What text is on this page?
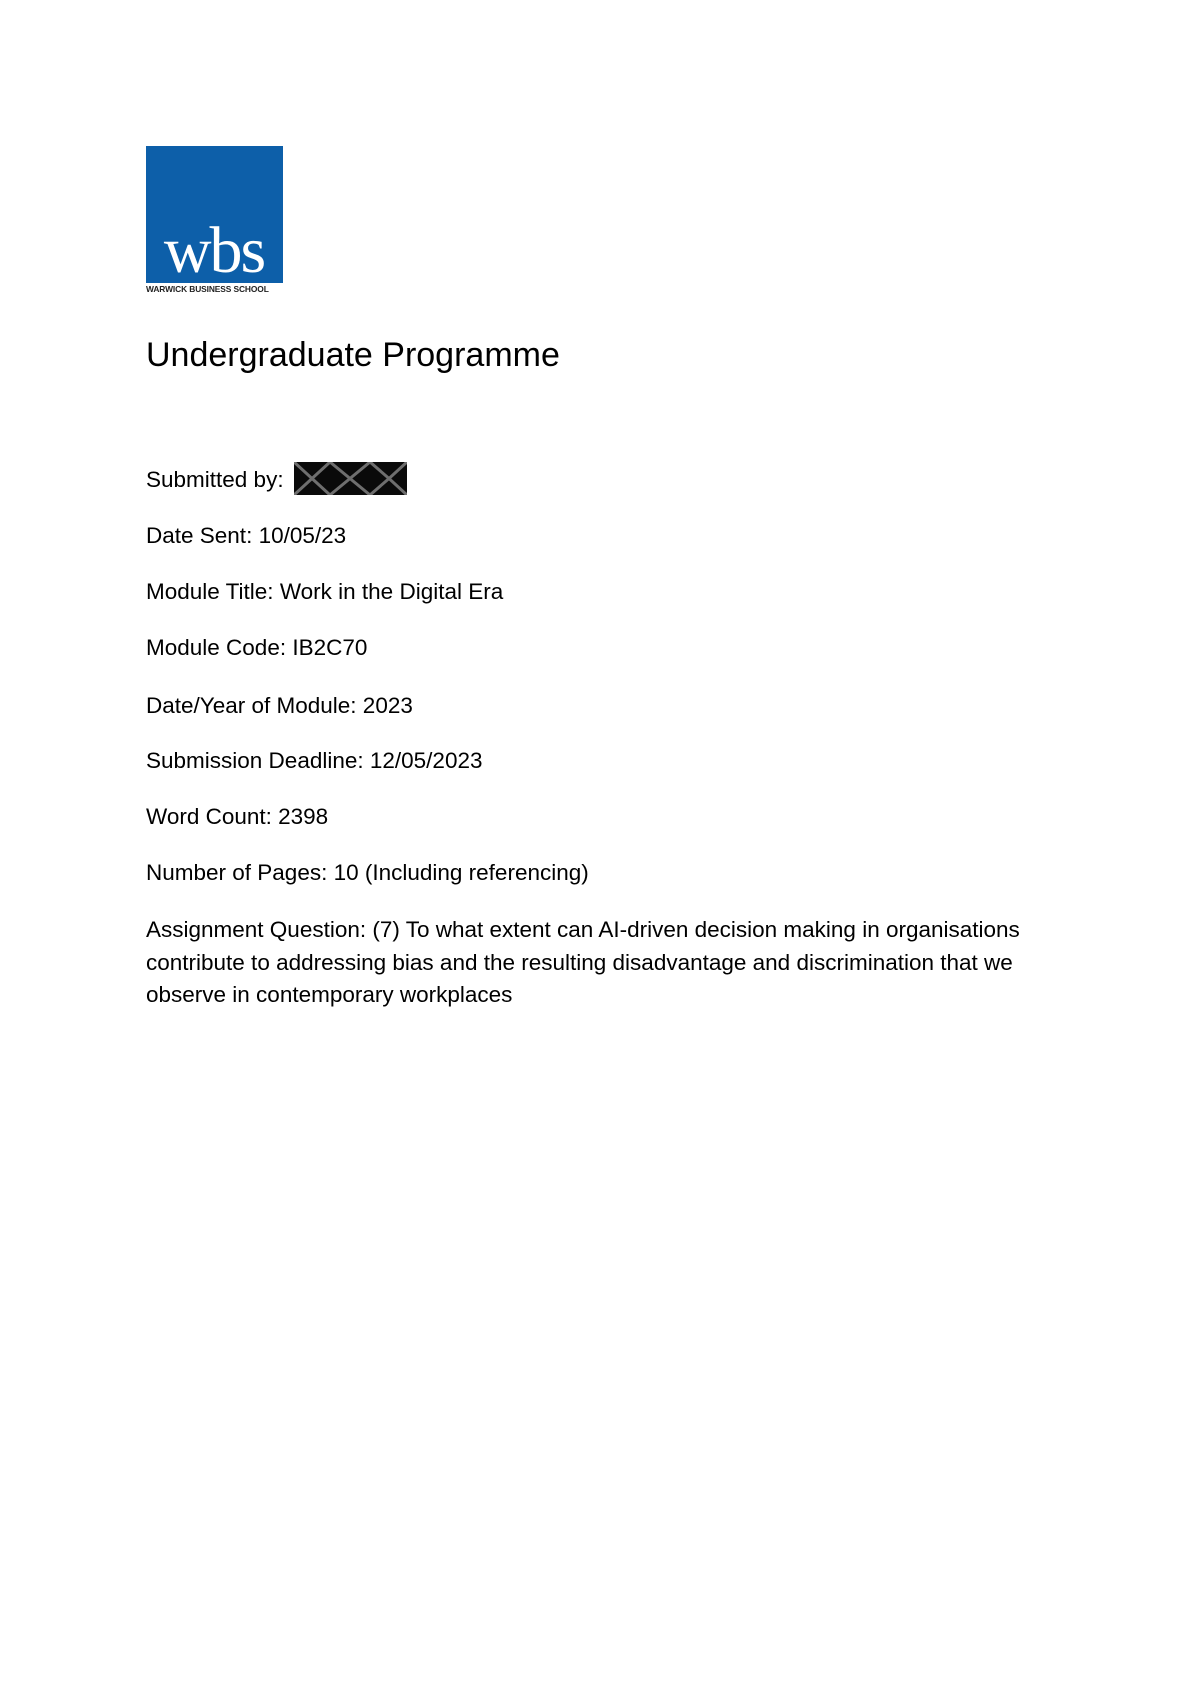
wbs
WARWICK BUSINESS SCHOOL
Undergraduate Programme

Submitted by:

Date Sent: 10/05/23

Module Title: Work in the Digital Era

Module Code: IB2C70

Date/Year of Module: 2023

Submission Deadline: 12/05/2023

Word Count: 2398

Number of Pages: 10 (Including referencing)

Assignment Question: (7) To what extent can AI-driven decision making in organisations contribute to addressing bias and the resulting disadvantage and discrimination that we observe in contemporary workplaces
